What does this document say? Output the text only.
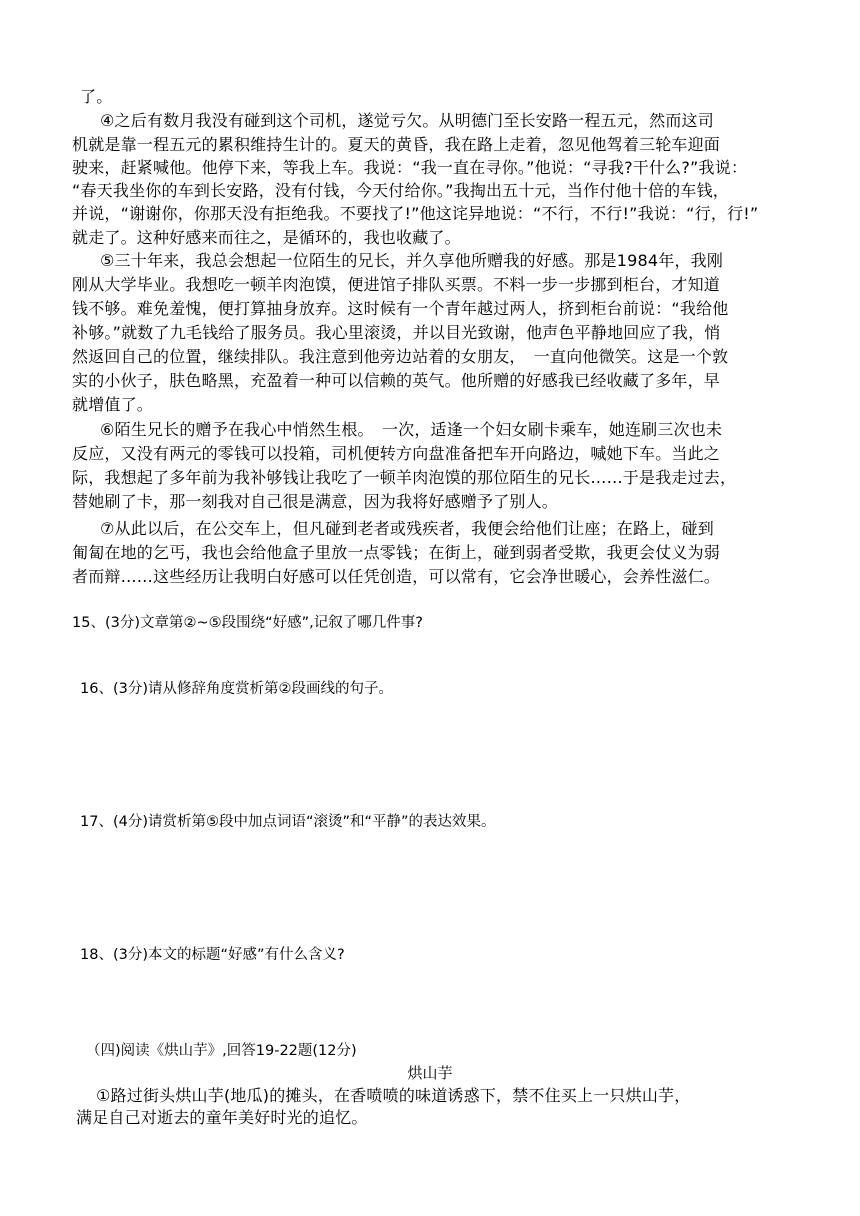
了。
④之后有数月我没有碰到这个司机，遂觉亏欠。从明德门至长安路一程五元，然而这司
机就是靠一程五元的累积维持生计的。夏天的黄昏，我在路上走着，忽见他驾着三轮车迎面
驶来，赶紧喊他。他停下来，等我上车。我说：“我一直在寻你。”他说：“寻我?干什么?”我说：
“春天我坐你的车到长安路，没有付钱，今天付给你。”我掏出五十元，当作付他十倍的车钱，
并说，“谢谢你，你那天没有拒绝我。不要找了!”他这诧异地说：“不行，不行!”我说：“行，行!”
就走了。这种好感来而往之，是循环的，我也收藏了。
⑤三十年来，我总会想起一位陌生的兄长，并久享他所赠我的好感。那是1984年，我刚
刚从大学毕业。我想吃一顿羊肉泡馍，便进馆子排队买票。不料一步一步挪到柜台，才知道
钱不够。难免羞愧，便打算抽身放弃。这时候有一个青年越过两人，挤到柜台前说：“我给他
补够。”就数了九毛钱给了服务员。我心里滚烫，并以目光致谢，他声色平静地回应了我，悄
然返回自己的位置，继续排队。我注意到他旁边站着的女朋友，　一直向他微笑。这是一个敦
实的小伙子，肤色略黑，充盈着一种可以信赖的英气。他所赠的好感我已经收藏了多年，早
就增值了。
⑥陌生兄长的赠予在我心中悄然生根。　一次，适逢一个妇女刷卡乘车，她连刷三次也未
反应，又没有两元的零钱可以投箱，司机便转方向盘准备把车开向路边，喊她下车。当此之
际，我想起了多年前为我补够钱让我吃了一顿羊肉泡馍的那位陌生的兄长……于是我走过去，
替她刷了卡，那一刻我对自己很是满意，因为我将好感赠予了别人。
⑦从此以后，在公交车上，但凡碰到老者或残疾者，我便会给他们让座；在路上，碰到
匍匐在地的乞丐，我也会给他盒子里放一点零钱；在街上，碰到弱者受欺，我更会仗义为弱
者而辩……这些经历让我明白好感可以任凭创造，可以常有，它会净世暖心，会养性滋仁。
15、(3分)文章第②~⑤段围绕“好感”,记叙了哪几件事?
16、(3分)请从修辞角度赏析第②段画线的句子。
17、(4分)请赏析第⑤段中加点词语“滚烫”和“平静”的表达效果。
18、(3分)本文的标题“好感”有什么含义?
（四)阅读《烘山芋》,回答19-22题(12分)
烘山芋
①路过街头烘山芋(地瓜)的摊头，在香喷喷的味道诱惑下，禁不住买上一只烘山芋，
满足自己对逝去的童年美好时光的追忆。
